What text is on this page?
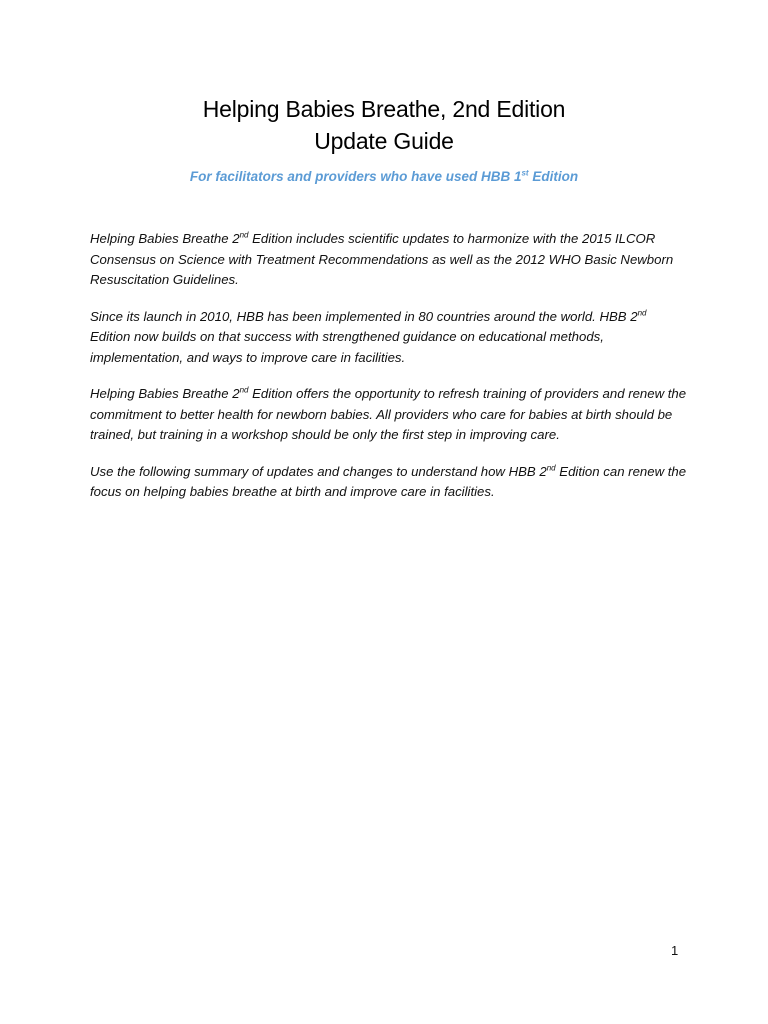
Helping Babies Breathe, 2nd Edition
Update Guide
For facilitators and providers who have used HBB 1st Edition

Helping Babies Breathe 2nd Edition includes scientific updates to harmonize with the 2015 ILCOR Consensus on Science with Treatment Recommendations as well as the 2012 WHO Basic Newborn Resuscitation Guidelines.

Since its launch in 2010, HBB has been implemented in 80 countries around the world. HBB 2nd Edition now builds on that success with strengthened guidance on educational methods, implementation, and ways to improve care in facilities.

Helping Babies Breathe 2nd Edition offers the opportunity to refresh training of providers and renew the commitment to better health for newborn babies. All providers who care for babies at birth should be trained, but training in a workshop should be only the first step in improving care.

Use the following summary of updates and changes to understand how HBB 2nd Edition can renew the focus on helping babies breathe at birth and improve care in facilities.

1
